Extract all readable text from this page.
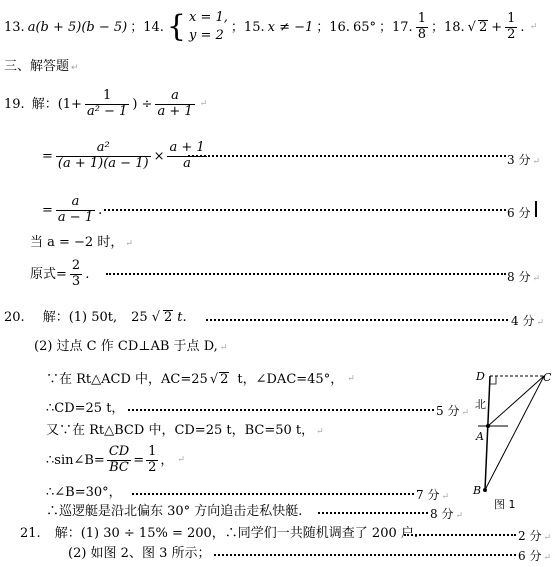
13. a(b + 5)(b − 5) ；14. { x = 1,
y = 2
；15. x ≠ −1 ；16. 65° ；17. $\frac{1}{8}$ ；18. √ $2 + \frac{1}{2}$ . ↵
三、解答题 ↵
19. 解：($1+ \frac{1}{\text{a² − 1}}$ ) ÷ $\frac{a}{a + 1}$ ↵
= $\frac{\text{a²}}{(a + 1)(a - 1)} \times \frac{a + 1}{a}$	3 分 ↵
= $\frac{a}{a - 1}$ .	6 分
当 a = −2 时， ↵
原式= $\frac{2}{3}$ .	8 分 ↵
20. 解：(1) 50t, 25 √ 2 t.	4 分 ↵
(2) 过点 C 作 CD⊥AB 于点 D, ↵
∵在 Rt△ACD 中，AC=25 √ 2 t，∠DAC=45°， ↵
∴CD=25 t，	5 分 ↵
又∵在 Rt△BCD 中，CD=25 t，BC=50 t， ↵
∴sin∠B= $\frac{CD}{BC} = \frac{1}{2}$ ， ↵
∴∠B=30°，	7 分 ↵
∴巡逻艇是沿北偏东 30° 方向追击走私快艇.	8 分 ↵
D	C
北
A
B
图 1
21. 解：(1) 30 ÷ 15% = 200，∴同学们一共随机调查了 200 户.	2 分 ↵
(2) 如图 2、图 3 所示；	6 分 ↵
